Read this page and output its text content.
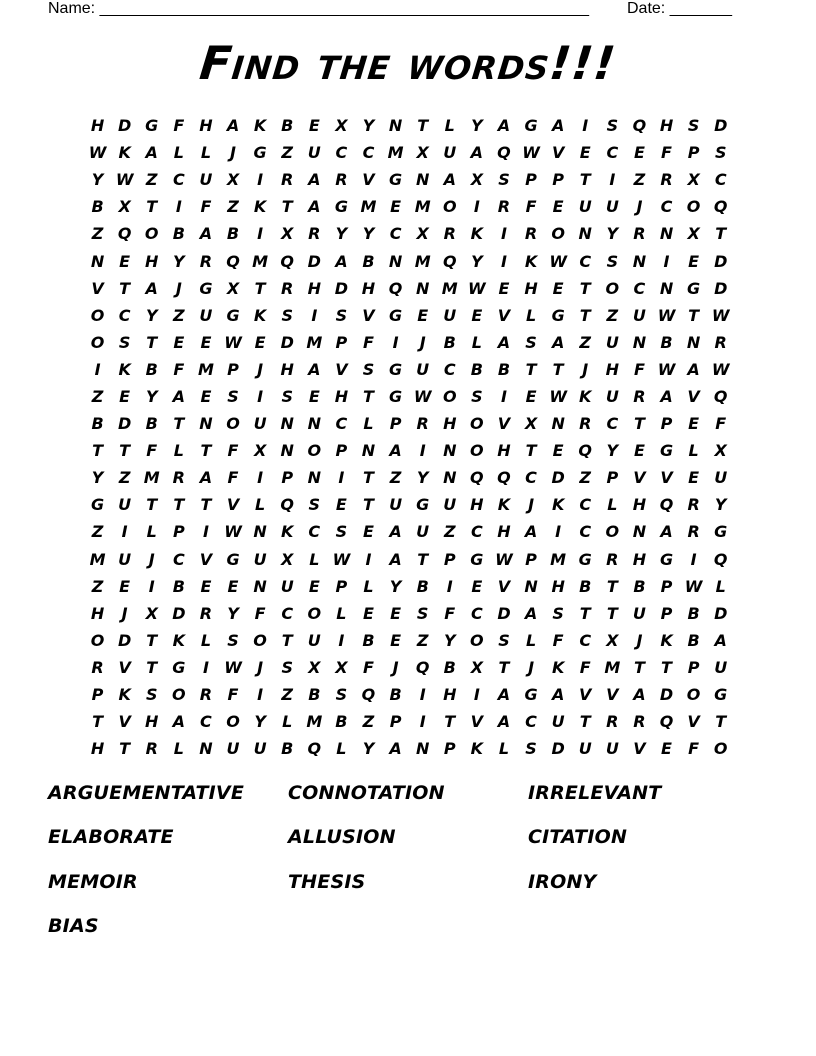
Name: _______________________________________________________ Date: _______
Find the words!!!
H D G F H A K B E X Y N T	L	Y A G A	I	S Q H S D
W K A L	L	J	G Z U C C M X U A Q W V E C E	F P S
Y W Z C U X	I	R A R V G N A X S P P T	I	Z R X C
B X T	I	F Z K T A G M E M O	I	R F	E U U	J	C O Q
Z Q O B A B	I	X R Y Y C X R K	I	R O N Y R N X T
N E H Y R Q M Q D A B N M Q Y	I	K W C S N	I	E D
V T A	J	G X T R H D H Q N M W E H E	T O C N G D
O C Y Z U G K S	I	S V G E U E V L G T Z U W T W
O S T	E	E W E D M P F	I	J	B L A S A Z U N B N R
I	K B F M P	J	H A V S G U C B B T	T	J	H F W A W
Z E Y A E S	I	S E H T G W O S	I	E W K U R A V Q
B D B T N O U N N C	L	P R H O V X N R C T P E	F
T	T	F	L	T	F X N O P N A	I	N O H T	E Q Y E G L X
Y Z M R A F	I	P N	I	T Z Y N Q Q C D Z P V V E U
G U T	T	T V L Q S E	T U G U H K	J	K C	L H Q R Y
Z	I	L	P	I W N K C S E A U Z C H A	I	C O N A R G
M U	J	C V G U X L W I	A T P G W P M G R H G	I	Q
Z E	I	B E	E N U E P	L	Y B	I	E V N H B T B P W L
H	J	X D R Y F C O L	E	E S F C D A S T	T U P B D
O D T K L	S O T U	I	B E Z Y O S	L	F C X	J	K B A
R V T G	I W J	S X X F	J	Q B X T	J	K F M T	T P U
P K S O R F	I	Z B S Q B	I	H	I	A G A V V A D O G
T V H A C O Y	L M B Z P	I	T V A C U T R R Q V T
H T R L N U U B Q L	Y A N P K L	S D U U V E	F O
ARGUEMENTATIVE CONNOTATION	IRRELEVANT
ELABORATE	ALLUSION	CITATION
MEMOIR	THESIS	IRONY
BIAS
